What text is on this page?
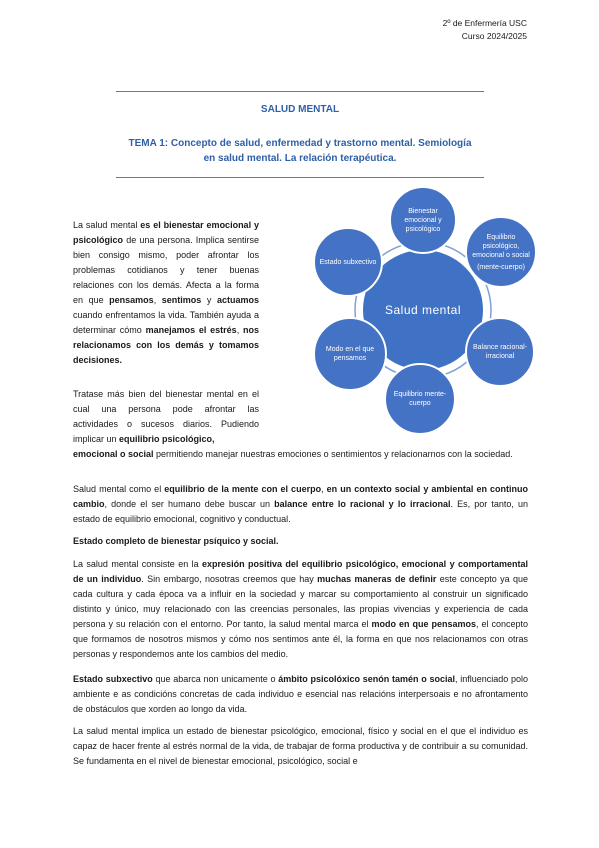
2º de Enfermería USC
Curso 2024/2025
SALUD MENTAL
TEMA 1: Concepto de salud, enfermedad y trastorno mental. Semiología
en salud mental. La relación terapéutica.
Salud mental
Bienestar emocional y psicológico
Equilibrio psicológico, emocional o social
(mente-cuerpo)
Balance racional-irracional
Equilibrio mente-cuerpo
Modo en el que pensamos
Estado subxectivo

La salud mental es el bienestar emocional y psicológico de una persona. Implica sentirse bien consigo mismo, poder afrontar los problemas cotidianos y tener buenas relaciones con los demás. Afecta a la forma en que pensamos, sentimos y actuamos cuando enfrentamos la vida. También ayuda a determinar cómo manejamos el estrés, nos relacionamos con los demás y tomamos decisiones.

Tratase más bien del bienestar mental en el cual una persona pode afrontar las actividades o sucesos diarios. Pudiendo implicar un equilibrio psicológico,

emocional o social permitiendo manejar nuestras emociones o sentimientos y relacionarnos con la sociedad.

Salud mental como el equilibrio de la mente con el cuerpo, en un contexto social y ambiental en continuo cambio, donde el ser humano debe buscar un balance entre lo racional y lo irracional. Es, por tanto, un estado de equilibrio emocional, cognitivo y conductual.

Estado completo de bienestar psíquico y social.

La salud mental consiste en la expresión positiva del equilibrio psicológico, emocional y comportamental de un individuo. Sin embargo, nosotras creemos que hay muchas maneras de definir este concepto ya que cada cultura y cada época va a influir en la sociedad y marcar su comportamiento al construir un significado distinto y único, muy relacionado con las creencias personales, las propias vivencias y experiencia de cada persona y su relación con el entorno. Por tanto, la salud mental marca el modo en que pensamos, el concepto que formamos de nosotros mismos y cómo nos sentimos ante él, la forma en que nos relacionamos con otras personas y respondemos ante los cambios del medio.

Estado subxectivo que abarca non unicamente o ámbito psicolóxico senón tamén o social, influenciado polo ambiente e as condicións concretas de cada individuo e esencial nas relacións interpersoais e no afrontamento de obstáculos que xorden ao longo da vida.

La salud mental implica un estado de bienestar psicológico, emocional, físico y social en el que el individuo es capaz de hacer frente al estrés normal de la vida, de trabajar de forma productiva y de contribuir a su comunidad. Se fundamenta en el nivel de bienestar emocional, psicológico, social e
